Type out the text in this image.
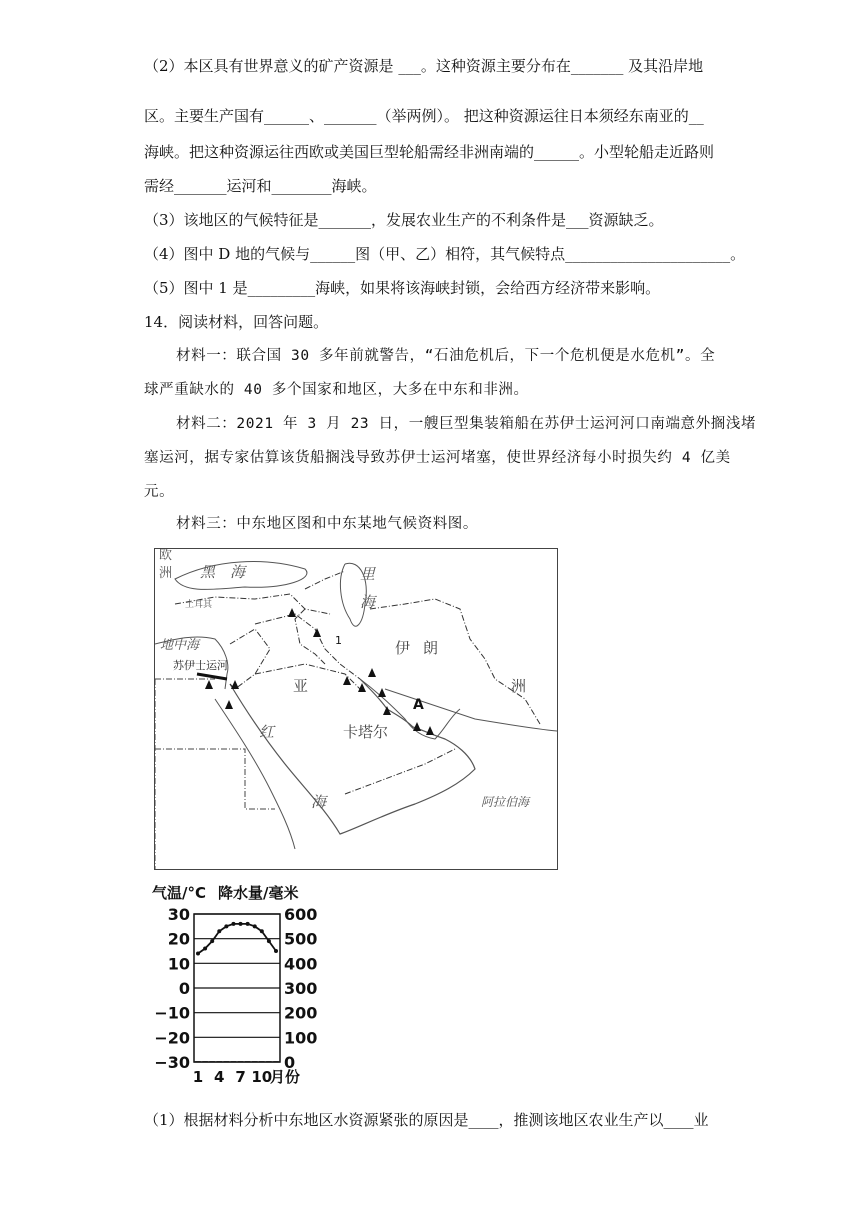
（2）本区具有世界意义的矿产资源是 ___。这种资源主要分布在_______ 及其沿岸地
区。主要生产国有______、_______（举两例）。 把这种资源运往日本须经东南亚的__
海峡。把这种资源运往西欧或美国巨型轮船需经非洲南端的______。小型轮船走近路则
需经_______运河和________海峡。
（3）该地区的气候特征是_______，发展农业生产的不利条件是___资源缺乏。
（4）图中 D 地的气候与______图（甲、乙）相符，其气候特点______________________。
（5）图中 1 是_________海峡，如果将该海峡封锁，会给西方经济带来影响。
14．阅读材料，回答问题。
材料一：联合国 30 多年前就警告，“石油危机后，下一个危机便是水危机”。全
球严重缺水的 40 多个国家和地区，大多在中东和非洲。
材料二：2021 年 3 月 23 日，一艘巨型集装箱船在苏伊士运河河口南端意外搁浅堵
塞运河，据专家估算该货船搁浅导致苏伊士运河堵塞，使世界经济每小时损失约 4 亿美
元。
材料三：中东地区图和中东某地气候资料图。
欧
洲 黑 海	里
海
土耳其
地中海
苏伊士运河
伊 朗
洲
亚
卡塔尔
红
海	阿拉伯海
A
1
气温/°C 降水量/毫米
30
20
10
0
−10
−20
−30
600
500
400
300
200
100
0
1 4 7 10
月份
（1）根据材料分析中东地区水资源紧张的原因是____，推测该地区农业生产以____业
